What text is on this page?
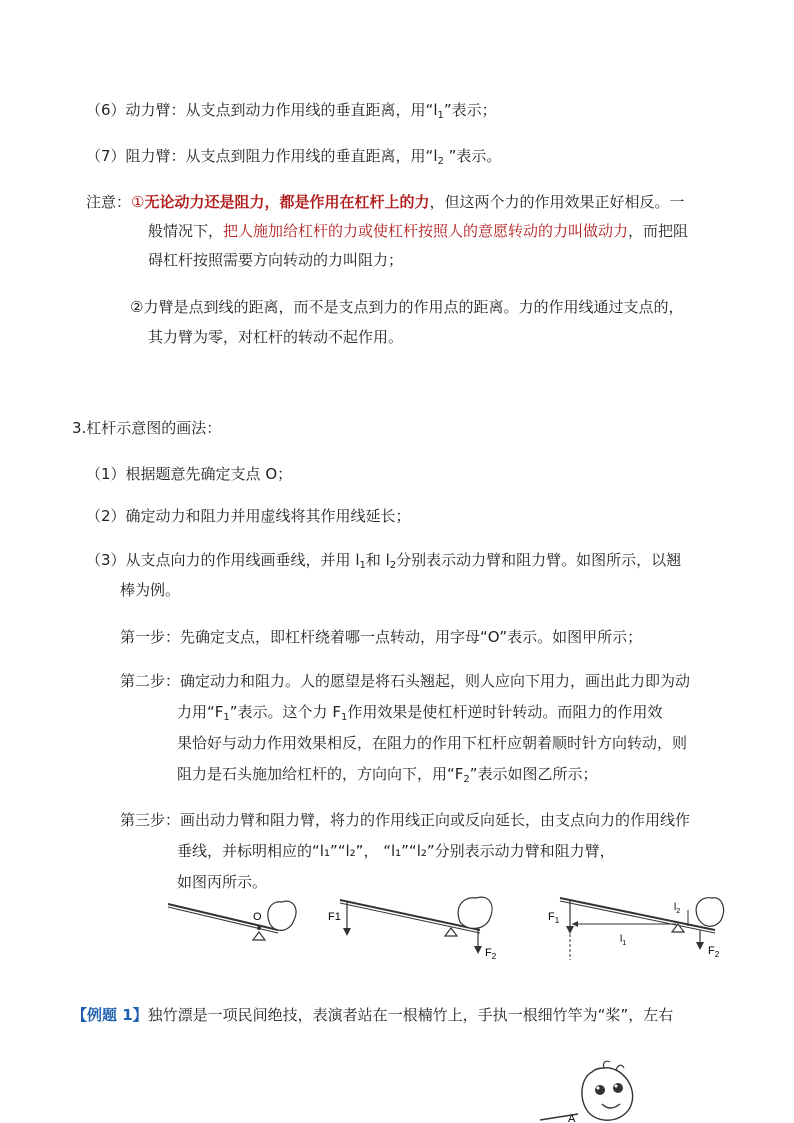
（6）动力臂：从支点到动力作用线的垂直距离，用“$l_1$”表示；
（7）阻力臂：从支点到阻力作用线的垂直距离，用“$l_2$ ”表示。
注意：①无论动力还是阻力，都是作用在杠杆上的力，但这两个力的作用效果正好相反。一
般情况下，把人施加给杠杆的力或使杠杆按照人的意愿转动的力叫做动力，而把阻
碍杠杆按照需要方向转动的力叫阻力；
②力臂是点到线的距离，而不是支点到力的作用点的距离。力的作用线通过支点的，
其力臂为零，对杠杆的转动不起作用。
3.杠杆示意图的画法：
（1）根据题意先确定支点 O；
（2）确定动力和阻力并用虚线将其作用线延长；
（3）从支点向力的作用线画垂线，并用 $l_1$和 $l_2$分别表示动力臂和阻力臂。如图所示，以翘
棒为例。
第一步：先确定支点，即杠杆绕着哪一点转动，用字母“O”表示。如图甲所示；
第二步：确定动力和阻力。人的愿望是将石头翘起，则人应向下用力，画出此力即为动
力用“$F_1$”表示。这个力 $F_1$作用效果是使杠杆逆时针转动。而阻力的作用效
果恰好与动力作用效果相反，在阻力的作用下杠杆应朝着顺时针方向转动，则
阻力是石头施加给杠杆的，方向向下，用“$F_2$”表示如图乙所示；
第三步：画出动力臂和阻力臂，将力的作用线正向或反向延长，由支点向力的作用线作
垂线，并标明相应的“l₁”“l₂”， “l₁”“l₂”分别表示动力臂和阻力臂，
如图丙所示。
O	F1
$F_2$
$F_1$
$l_1$
$l_2$
$F_2$
【例题 1】独竹漂是一项民间绝技，表演者站在一根楠竹上，手执一根细竹竿为“桨”，左右
A
